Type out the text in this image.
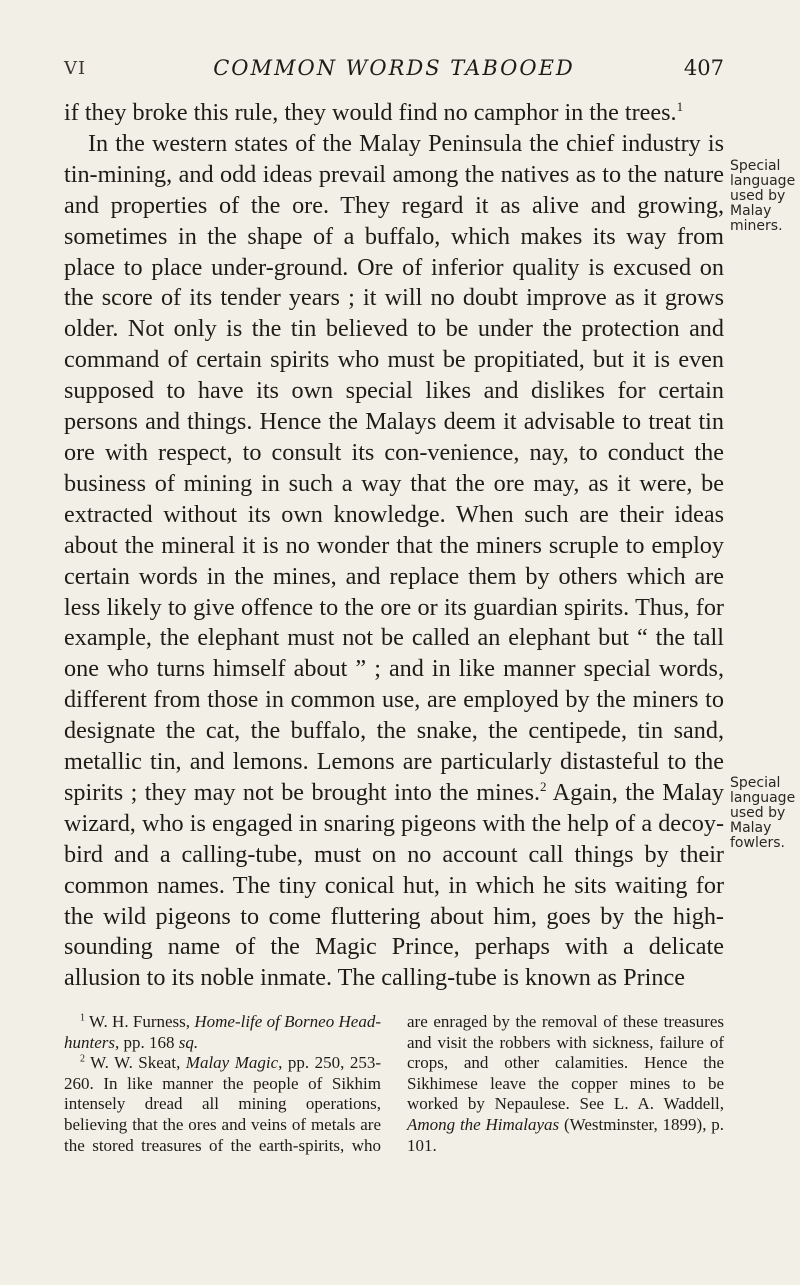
VI	COMMON WORDS TABOOED	407

if they broke this rule, they would find no camphor in the trees.$^1$

In the western states of the Malay Peninsula the chief industry is tin-mining, and odd ideas prevail among the natives as to the nature and properties of the ore. They regard it as alive and growing, sometimes in the shape of a buffalo, which makes its way from place to place under-ground. Ore of inferior quality is excused on the score of its tender years ; it will no doubt improve as it grows older. Not only is the tin believed to be under the protection and command of certain spirits who must be propitiated, but it is even supposed to have its own special likes and dislikes for certain persons and things. Hence the Malays deem it advisable to treat tin ore with respect, to consult its con-venience, nay, to conduct the business of mining in such a way that the ore may, as it were, be extracted without its own knowledge. When such are their ideas about the mineral it is no wonder that the miners scruple to employ certain words in the mines, and replace them by others which are less likely to give offence to the ore or its guardian spirits. Thus, for example, the elephant must not be called an elephant but “ the tall one who turns himself about ” ; and in like manner special words, different from those in common use, are employed by the miners to designate the cat, the buffalo, the snake, the centipede, tin sand, metallic tin, and lemons. Lemons are particularly distasteful to the spirits ; they may not be brought into the mines.$^2$ Again, the Malay wizard, who is engaged in snaring pigeons with the help of a decoy-bird and a calling-tube, must on no account call things by their common names. The tiny conical hut, in which he sits waiting for the wild pigeons to come fluttering about him, goes by the high-sounding name of the Magic Prince, perhaps with a delicate allusion to its noble inmate. The calling-tube is known as Prince

Special
language
used by
Malay
miners.
Special
language
used by
Malay
fowlers.

$^1$ W. H. Furness, Home-life of Borneo Head-hunters, pp. 168 sq.

$^2$ W. W. Skeat, Malay Magic, pp. 250, 253-260. In like manner the people of Sikhim intensely dread all mining operations, believing that the ores and veins of metals are the stored treasures of the earth-spirits, who are enraged by the removal of these treasures and visit the robbers with sickness, failure of crops, and other calamities. Hence the Sikhimese leave the copper mines to be worked by Nepaulese. See L. A. Waddell, Among the Himalayas (Westminster, 1899), p. 101.
